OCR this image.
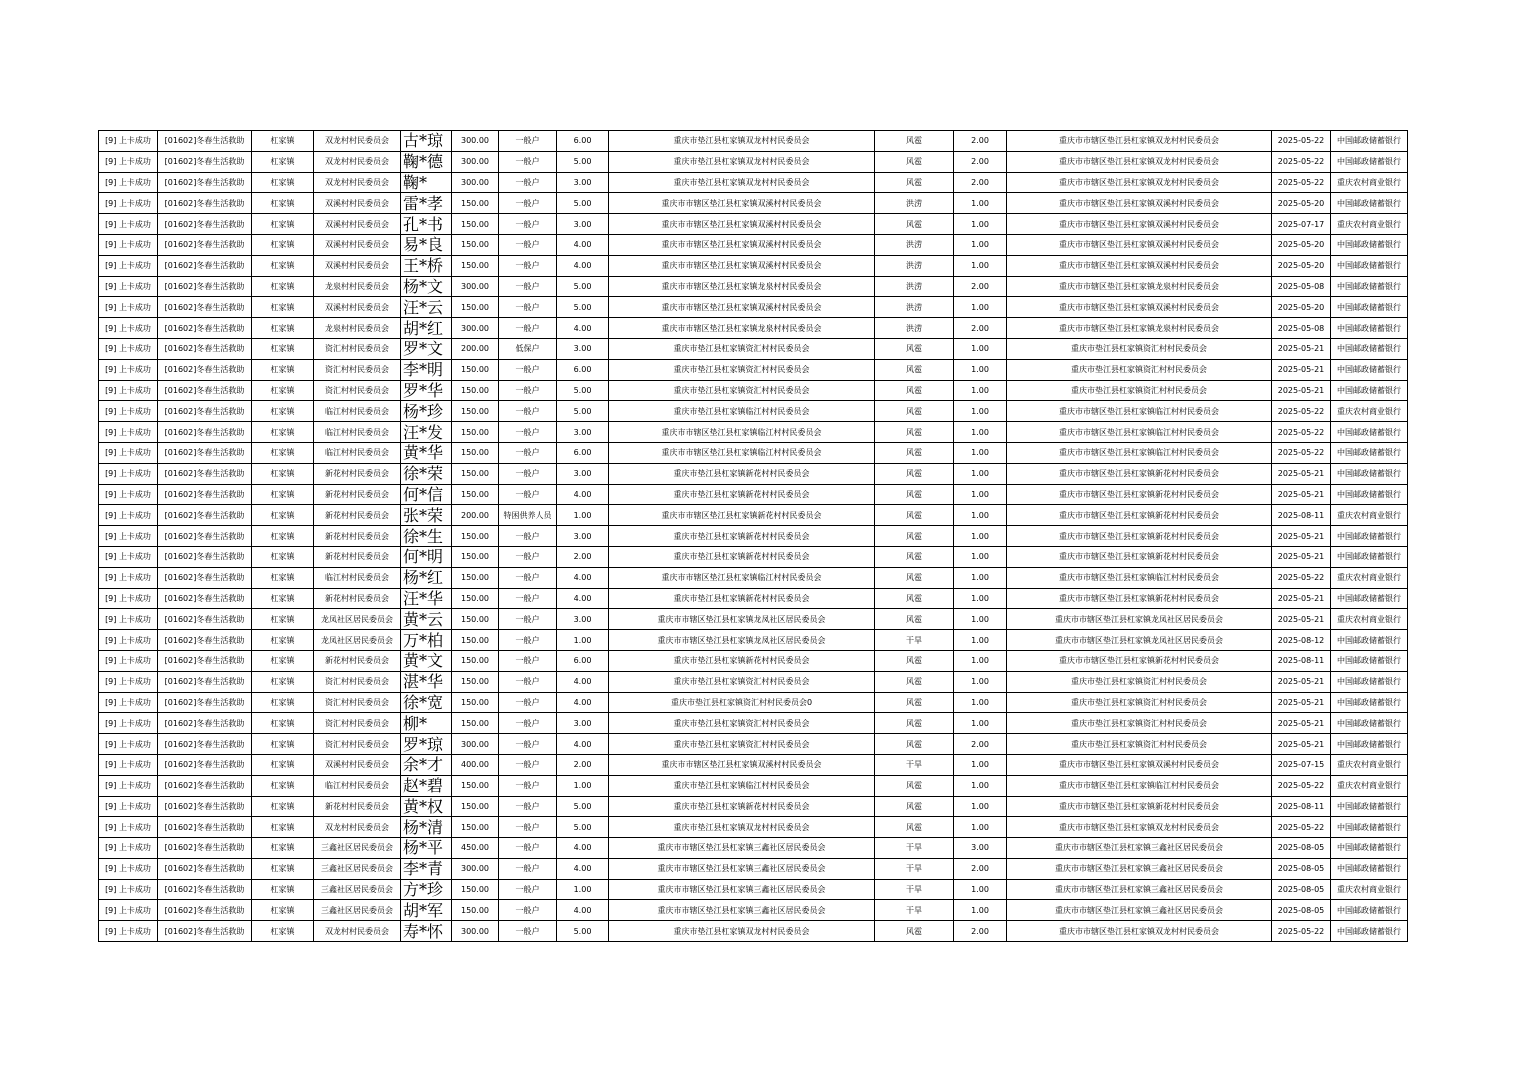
[9] 上卡成功	[01602]冬春生活救助	杠家镇	双龙村村民委员会	古*琼	300.00	一般户	6.00	重庆市垫江县杠家镇双龙村村民委员会	风雹	2.00	重庆市市辖区垫江县杠家镇双龙村村民委员会	2025-05-22	中国邮政储蓄银行
[9] 上卡成功	[01602]冬春生活救助	杠家镇	双龙村村民委员会	鞠*德	300.00	一般户	5.00	重庆市垫江县杠家镇双龙村村民委员会	风雹	2.00	重庆市市辖区垫江县杠家镇双龙村村民委员会	2025-05-22	中国邮政储蓄银行
[9] 上卡成功	[01602]冬春生活救助	杠家镇	双龙村村民委员会	鞠*	300.00	一般户	3.00	重庆市垫江县杠家镇双龙村村民委员会	风雹	2.00	重庆市市辖区垫江县杠家镇双龙村村民委员会	2025-05-22	重庆农村商业银行
[9] 上卡成功	[01602]冬春生活救助	杠家镇	双溪村村民委员会	雷*孝	150.00	一般户	5.00	重庆市市辖区垫江县杠家镇双溪村村民委员会	洪涝	1.00	重庆市市辖区垫江县杠家镇双溪村村民委员会	2025-05-20	中国邮政储蓄银行
[9] 上卡成功	[01602]冬春生活救助	杠家镇	双溪村村民委员会	孔*书	150.00	一般户	3.00	重庆市市辖区垫江县杠家镇双溪村村民委员会	风雹	1.00	重庆市市辖区垫江县杠家镇双溪村村民委员会	2025-07-17	重庆农村商业银行
[9] 上卡成功	[01602]冬春生活救助	杠家镇	双溪村村民委员会	易*良	150.00	一般户	4.00	重庆市市辖区垫江县杠家镇双溪村村民委员会	洪涝	1.00	重庆市市辖区垫江县杠家镇双溪村村民委员会	2025-05-20	中国邮政储蓄银行
[9] 上卡成功	[01602]冬春生活救助	杠家镇	双溪村村民委员会	王*桥	150.00	一般户	4.00	重庆市市辖区垫江县杠家镇双溪村村民委员会	洪涝	1.00	重庆市市辖区垫江县杠家镇双溪村村民委员会	2025-05-20	中国邮政储蓄银行
[9] 上卡成功	[01602]冬春生活救助	杠家镇	龙泉村村民委员会	杨*文	300.00	一般户	5.00	重庆市市辖区垫江县杠家镇龙泉村村民委员会	洪涝	2.00	重庆市市辖区垫江县杠家镇龙泉村村民委员会	2025-05-08	中国邮政储蓄银行
[9] 上卡成功	[01602]冬春生活救助	杠家镇	双溪村村民委员会	汪*云	150.00	一般户	5.00	重庆市市辖区垫江县杠家镇双溪村村民委员会	洪涝	1.00	重庆市市辖区垫江县杠家镇双溪村村民委员会	2025-05-20	中国邮政储蓄银行
[9] 上卡成功	[01602]冬春生活救助	杠家镇	龙泉村村民委员会	胡*红	300.00	一般户	4.00	重庆市市辖区垫江县杠家镇龙泉村村民委员会	洪涝	2.00	重庆市市辖区垫江县杠家镇龙泉村村民委员会	2025-05-08	中国邮政储蓄银行
[9] 上卡成功	[01602]冬春生活救助	杠家镇	资汇村村民委员会	罗*文	200.00	低保户	3.00	重庆市垫江县杠家镇资汇村村民委员会	风雹	1.00	重庆市垫江县杠家镇资汇村村民委员会	2025-05-21	中国邮政储蓄银行
[9] 上卡成功	[01602]冬春生活救助	杠家镇	资汇村村民委员会	李*明	150.00	一般户	6.00	重庆市垫江县杠家镇资汇村村民委员会	风雹	1.00	重庆市垫江县杠家镇资汇村村民委员会	2025-05-21	中国邮政储蓄银行
[9] 上卡成功	[01602]冬春生活救助	杠家镇	资汇村村民委员会	罗*华	150.00	一般户	5.00	重庆市垫江县杠家镇资汇村村民委员会	风雹	1.00	重庆市垫江县杠家镇资汇村村民委员会	2025-05-21	中国邮政储蓄银行
[9] 上卡成功	[01602]冬春生活救助	杠家镇	临江村村民委员会	杨*珍	150.00	一般户	5.00	重庆市垫江县杠家镇临江村村民委员会	风雹	1.00	重庆市市辖区垫江县杠家镇临江村村民委员会	2025-05-22	重庆农村商业银行
[9] 上卡成功	[01602]冬春生活救助	杠家镇	临江村村民委员会	汪*发	150.00	一般户	3.00	重庆市市辖区垫江县杠家镇临江村村民委员会	风雹	1.00	重庆市市辖区垫江县杠家镇临江村村民委员会	2025-05-22	中国邮政储蓄银行
[9] 上卡成功	[01602]冬春生活救助	杠家镇	临江村村民委员会	黄*华	150.00	一般户	6.00	重庆市市辖区垫江县杠家镇临江村村民委员会	风雹	1.00	重庆市市辖区垫江县杠家镇临江村村民委员会	2025-05-22	中国邮政储蓄银行
[9] 上卡成功	[01602]冬春生活救助	杠家镇	新花村村民委员会	徐*荣	150.00	一般户	3.00	重庆市垫江县杠家镇新花村村民委员会	风雹	1.00	重庆市市辖区垫江县杠家镇新花村村民委员会	2025-05-21	中国邮政储蓄银行
[9] 上卡成功	[01602]冬春生活救助	杠家镇	新花村村民委员会	何*信	150.00	一般户	4.00	重庆市垫江县杠家镇新花村村民委员会	风雹	1.00	重庆市市辖区垫江县杠家镇新花村村民委员会	2025-05-21	中国邮政储蓄银行
[9] 上卡成功	[01602]冬春生活救助	杠家镇	新花村村民委员会	张*荣	200.00	特困供养人员	1.00	重庆市市辖区垫江县杠家镇新花村村民委员会	风雹	1.00	重庆市市辖区垫江县杠家镇新花村村民委员会	2025-08-11	重庆农村商业银行
[9] 上卡成功	[01602]冬春生活救助	杠家镇	新花村村民委员会	徐*生	150.00	一般户	3.00	重庆市垫江县杠家镇新花村村民委员会	风雹	1.00	重庆市市辖区垫江县杠家镇新花村村民委员会	2025-05-21	中国邮政储蓄银行
[9] 上卡成功	[01602]冬春生活救助	杠家镇	新花村村民委员会	何*明	150.00	一般户	2.00	重庆市垫江县杠家镇新花村村民委员会	风雹	1.00	重庆市市辖区垫江县杠家镇新花村村民委员会	2025-05-21	中国邮政储蓄银行
[9] 上卡成功	[01602]冬春生活救助	杠家镇	临江村村民委员会	杨*红	150.00	一般户	4.00	重庆市市辖区垫江县杠家镇临江村村民委员会	风雹	1.00	重庆市市辖区垫江县杠家镇临江村村民委员会	2025-05-22	重庆农村商业银行
[9] 上卡成功	[01602]冬春生活救助	杠家镇	新花村村民委员会	汪*华	150.00	一般户	4.00	重庆市垫江县杠家镇新花村村民委员会	风雹	1.00	重庆市市辖区垫江县杠家镇新花村村民委员会	2025-05-21	中国邮政储蓄银行
[9] 上卡成功	[01602]冬春生活救助	杠家镇	龙凤社区居民委员会	黄*云	150.00	一般户	3.00	重庆市市辖区垫江县杠家镇龙凤社区居民委员会	风雹	1.00	重庆市市辖区垫江县杠家镇龙凤社区居民委员会	2025-05-21	重庆农村商业银行
[9] 上卡成功	[01602]冬春生活救助	杠家镇	龙凤社区居民委员会	万*柏	150.00	一般户	1.00	重庆市市辖区垫江县杠家镇龙凤社区居民委员会	干旱	1.00	重庆市市辖区垫江县杠家镇龙凤社区居民委员会	2025-08-12	中国邮政储蓄银行
[9] 上卡成功	[01602]冬春生活救助	杠家镇	新花村村民委员会	黄*文	150.00	一般户	6.00	重庆市垫江县杠家镇新花村村民委员会	风雹	1.00	重庆市市辖区垫江县杠家镇新花村村民委员会	2025-08-11	中国邮政储蓄银行
[9] 上卡成功	[01602]冬春生活救助	杠家镇	资汇村村民委员会	湛*华	150.00	一般户	4.00	重庆市垫江县杠家镇资汇村村民委员会	风雹	1.00	重庆市垫江县杠家镇资汇村村民委员会	2025-05-21	中国邮政储蓄银行
[9] 上卡成功	[01602]冬春生活救助	杠家镇	资汇村村民委员会	徐*宽	150.00	一般户	4.00	重庆市垫江县杠家镇资汇村村民委员会0	风雹	1.00	重庆市垫江县杠家镇资汇村村民委员会	2025-05-21	中国邮政储蓄银行
[9] 上卡成功	[01602]冬春生活救助	杠家镇	资汇村村民委员会	柳*	150.00	一般户	3.00	重庆市垫江县杠家镇资汇村村民委员会	风雹	1.00	重庆市垫江县杠家镇资汇村村民委员会	2025-05-21	中国邮政储蓄银行
[9] 上卡成功	[01602]冬春生活救助	杠家镇	资汇村村民委员会	罗*琼	300.00	一般户	4.00	重庆市垫江县杠家镇资汇村村民委员会	风雹	2.00	重庆市垫江县杠家镇资汇村村民委员会	2025-05-21	中国邮政储蓄银行
[9] 上卡成功	[01602]冬春生活救助	杠家镇	双溪村村民委员会	余*才	400.00	一般户	2.00	重庆市市辖区垫江县杠家镇双溪村村民委员会	干旱	1.00	重庆市市辖区垫江县杠家镇双溪村村民委员会	2025-07-15	重庆农村商业银行
[9] 上卡成功	[01602]冬春生活救助	杠家镇	临江村村民委员会	赵*碧	150.00	一般户	1.00	重庆市垫江县杠家镇临江村村民委员会	风雹	1.00	重庆市市辖区垫江县杠家镇临江村村民委员会	2025-05-22	重庆农村商业银行
[9] 上卡成功	[01602]冬春生活救助	杠家镇	新花村村民委员会	黄*权	150.00	一般户	5.00	重庆市垫江县杠家镇新花村村民委员会	风雹	1.00	重庆市市辖区垫江县杠家镇新花村村民委员会	2025-08-11	中国邮政储蓄银行
[9] 上卡成功	[01602]冬春生活救助	杠家镇	双龙村村民委员会	杨*清	150.00	一般户	5.00	重庆市垫江县杠家镇双龙村村民委员会	风雹	1.00	重庆市市辖区垫江县杠家镇双龙村村民委员会	2025-05-22	中国邮政储蓄银行
[9] 上卡成功	[01602]冬春生活救助	杠家镇	三鑫社区居民委员会	杨*平	450.00	一般户	4.00	重庆市市辖区垫江县杠家镇三鑫社区居民委员会	干旱	3.00	重庆市市辖区垫江县杠家镇三鑫社区居民委员会	2025-08-05	中国邮政储蓄银行
[9] 上卡成功	[01602]冬春生活救助	杠家镇	三鑫社区居民委员会	李*青	300.00	一般户	4.00	重庆市市辖区垫江县杠家镇三鑫社区居民委员会	干旱	2.00	重庆市市辖区垫江县杠家镇三鑫社区居民委员会	2025-08-05	中国邮政储蓄银行
[9] 上卡成功	[01602]冬春生活救助	杠家镇	三鑫社区居民委员会	方*珍	150.00	一般户	1.00	重庆市市辖区垫江县杠家镇三鑫社区居民委员会	干旱	1.00	重庆市市辖区垫江县杠家镇三鑫社区居民委员会	2025-08-05	重庆农村商业银行
[9] 上卡成功	[01602]冬春生活救助	杠家镇	三鑫社区居民委员会	胡*军	150.00	一般户	4.00	重庆市市辖区垫江县杠家镇三鑫社区居民委员会	干旱	1.00	重庆市市辖区垫江县杠家镇三鑫社区居民委员会	2025-08-05	中国邮政储蓄银行
[9] 上卡成功	[01602]冬春生活救助	杠家镇	双龙村村民委员会	寿*怀	300.00	一般户	5.00	重庆市垫江县杠家镇双龙村村民委员会	风雹	2.00	重庆市市辖区垫江县杠家镇双龙村村民委员会	2025-05-22	中国邮政储蓄银行
